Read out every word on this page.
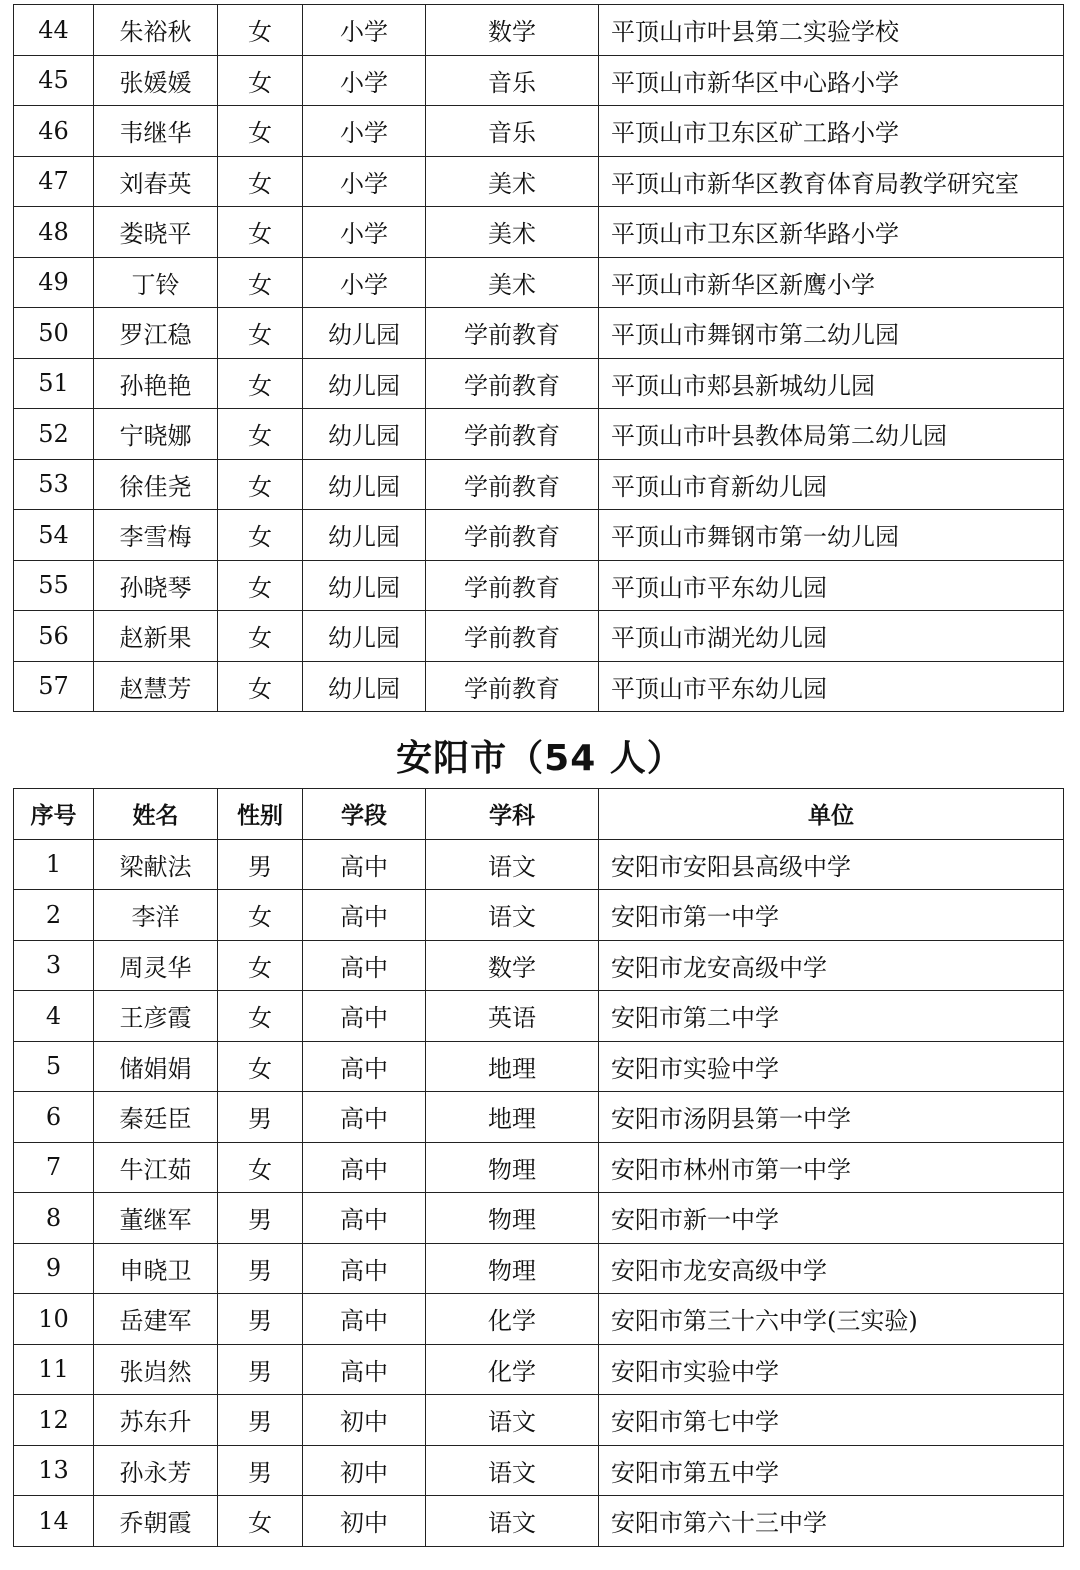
44	朱裕秋	女	小学	数学	平顶山市叶县第二实验学校
45	张媛媛	女	小学	音乐	平顶山市新华区中心路小学
46	韦继华	女	小学	音乐	平顶山市卫东区矿工路小学
47	刘春英	女	小学	美术	平顶山市新华区教育体育局教学研究室
48	娄晓平	女	小学	美术	平顶山市卫东区新华路小学
49	丁铃	女	小学	美术	平顶山市新华区新鹰小学
50	罗江稳	女	幼儿园	学前教育	平顶山市舞钢市第二幼儿园
51	孙艳艳	女	幼儿园	学前教育	平顶山市郏县新城幼儿园
52	宁晓娜	女	幼儿园	学前教育	平顶山市叶县教体局第二幼儿园
53	徐佳尧	女	幼儿园	学前教育	平顶山市育新幼儿园
54	李雪梅	女	幼儿园	学前教育	平顶山市舞钢市第一幼儿园
55	孙晓琴	女	幼儿园	学前教育	平顶山市平东幼儿园
56	赵新果	女	幼儿园	学前教育	平顶山市湖光幼儿园
57	赵慧芳	女	幼儿园	学前教育	平顶山市平东幼儿园
安阳市（54 人）
序号	姓名	性别	学段	学科	单位
1	梁献法	男	高中	语文	安阳市安阳县高级中学
2	李洋	女	高中	语文	安阳市第一中学
3	周灵华	女	高中	数学	安阳市龙安高级中学
4	王彦霞	女	高中	英语	安阳市第二中学
5	储娟娟	女	高中	地理	安阳市实验中学
6	秦廷臣	男	高中	地理	安阳市汤阴县第一中学
7	牛江茹	女	高中	物理	安阳市林州市第一中学
8	董继军	男	高中	物理	安阳市新一中学
9	申晓卫	男	高中	物理	安阳市龙安高级中学
10	岳建军	男	高中	化学	安阳市第三十六中学(三实验)
11	张岿然	男	高中	化学	安阳市实验中学
12	苏东升	男	初中	语文	安阳市第七中学
13	孙永芳	男	初中	语文	安阳市第五中学
14	乔朝霞	女	初中	语文	安阳市第六十三中学
